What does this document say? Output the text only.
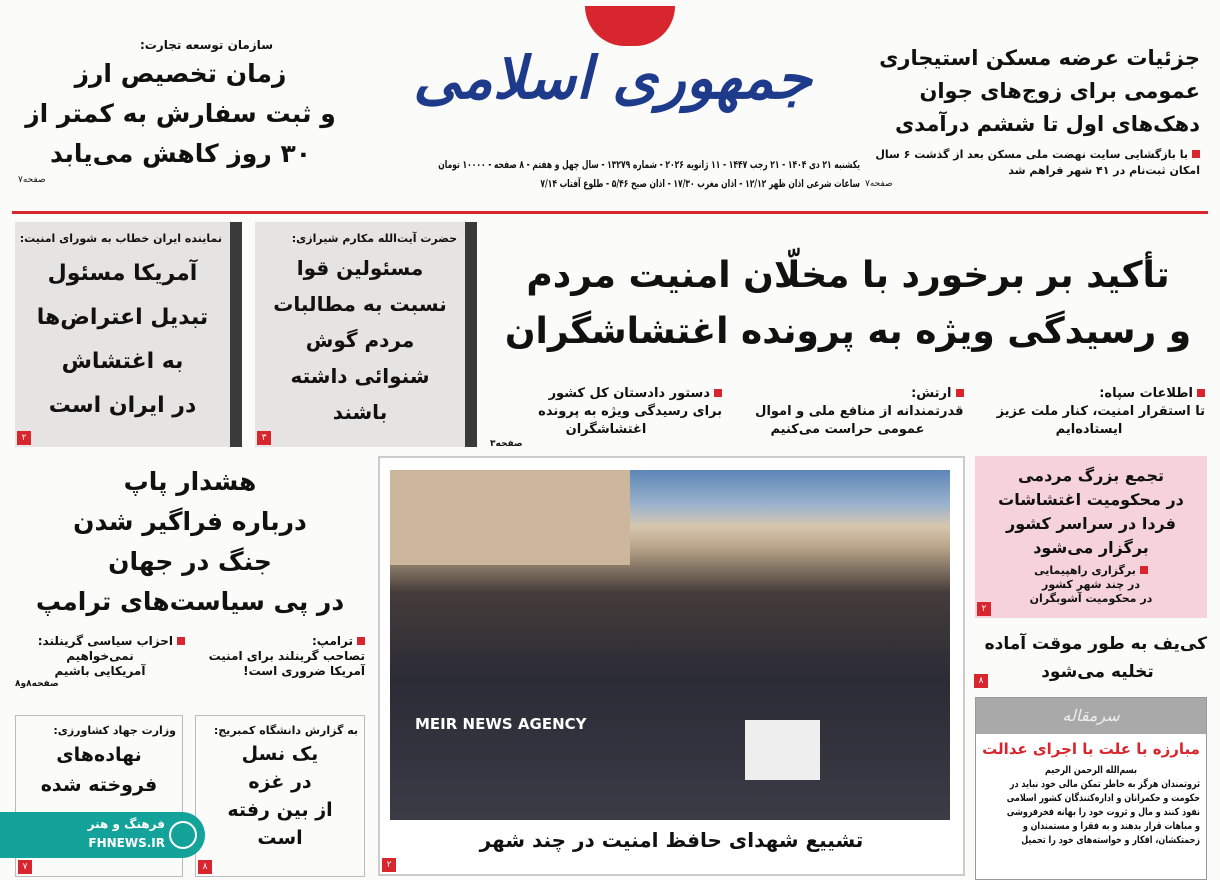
جمهوری اسلامی
یکشنبه ۲۱ دی ۱۴۰۴ - ۲۱ رجب ۱۴۴۷ - ۱۱ ژانویه ۲۰۲۶ - شماره ۱۳۲۷۹ - سال چهل و هفتم - ۸ صفحه - ۱۰۰۰۰ تومان
ساعات شرعی اذان ظهر ۱۲/۱۲ - اذان مغرب ۱۷/۳۰ - اذان صبح ۵/۴۶ - طلوع آفتاب ۷/۱۴
جزئیات عرضه مسکن استیجاری
عمومی برای زوج‌های جوان
دهک‌های اول تا ششم درآمدی
با بازگشایی سایت نهضت ملی مسکن بعد از گذشت ۶ سال
امکان ثبت‌نام در ۴۱ شهر فراهم شد
صفحه۷
سازمان توسعه تجارت:
زمان تخصیص ارز
و ثبت سفارش به کمتر از
۳۰ روز کاهش می‌یابد
صفحه۷
نماینده ایران خطاب به شورای امنیت:
آمریکا مسئول
تبدیل اعتراض‌ها
به اغتشاش
در ایران است
۲
حضرت آیت‌الله مکارم شیرازی:
مسئولین قوا
نسبت به مطالبات
مردم گوش
شنوائی داشته
باشند
۳
تأکید بر برخورد با مخلّان امنیت مردم
و رسیدگی ویژه به پرونده اغتشاشگران
اطلاعات سپاه:
تا استقرار امنیت، کنار ملت عزیز
ایستاده‌ایم
ارتش:
قدرتمندانه از منافع ملی و اموال
عمومی حراست می‌کنیم
دستور دادستان کل کشور
برای رسیدگی ویژه به پرونده
اغتشاشگران
صفحه۳
هشدار پاپ
درباره فراگیر شدن
جنگ در جهان
در پی سیاست‌های ترامپ
ترامپ:
تصاحب گرینلند برای امنیت
آمریکا ضروری است!
احزاب سیاسی گرینلند:
نمی‌خواهیم
آمریکایی باشیم
صفحه۸و۸
MEIR NEWS AGENCY
تشییع شهدای حافظ امنیت در چند شهر
۲
تجمع بزرگ مردمی
در محکومیت اغتشاشات
فردا در سراسر کشور
برگزار می‌شود
برگزاری راهپیمایی
در چند شهر کشور
در محکومیت آشوبگران
۲
کی‌یف به طور موقت آماده
تخلیه می‌شود
۸
سرمقاله
مبارزه با علت با اجرای عدالت
بسم‌الله الرحمن الرحیم
ثروتمندان هرگز به خاطر تمکن مالی خود نباید در
حکومت و حکمرانان و اداره‌کنندگان کشور اسلامی
نفوذ کنند و مال و ثروت خود را بهانه فخرفروشی
و مباهات قرار بدهند و به فقرا و مستمندان و
زحمتکشان، افکار و خواسته‌های خود را تحمیل
به گزارش دانشگاه کمبریج:
یک نسل
در غزه
از بین رفته
است
۸
وزارت جهاد کشاورزی:
نهاده‌های
فروخته شده
۷
فرهنگ و هنر
FHNEWS.IR
